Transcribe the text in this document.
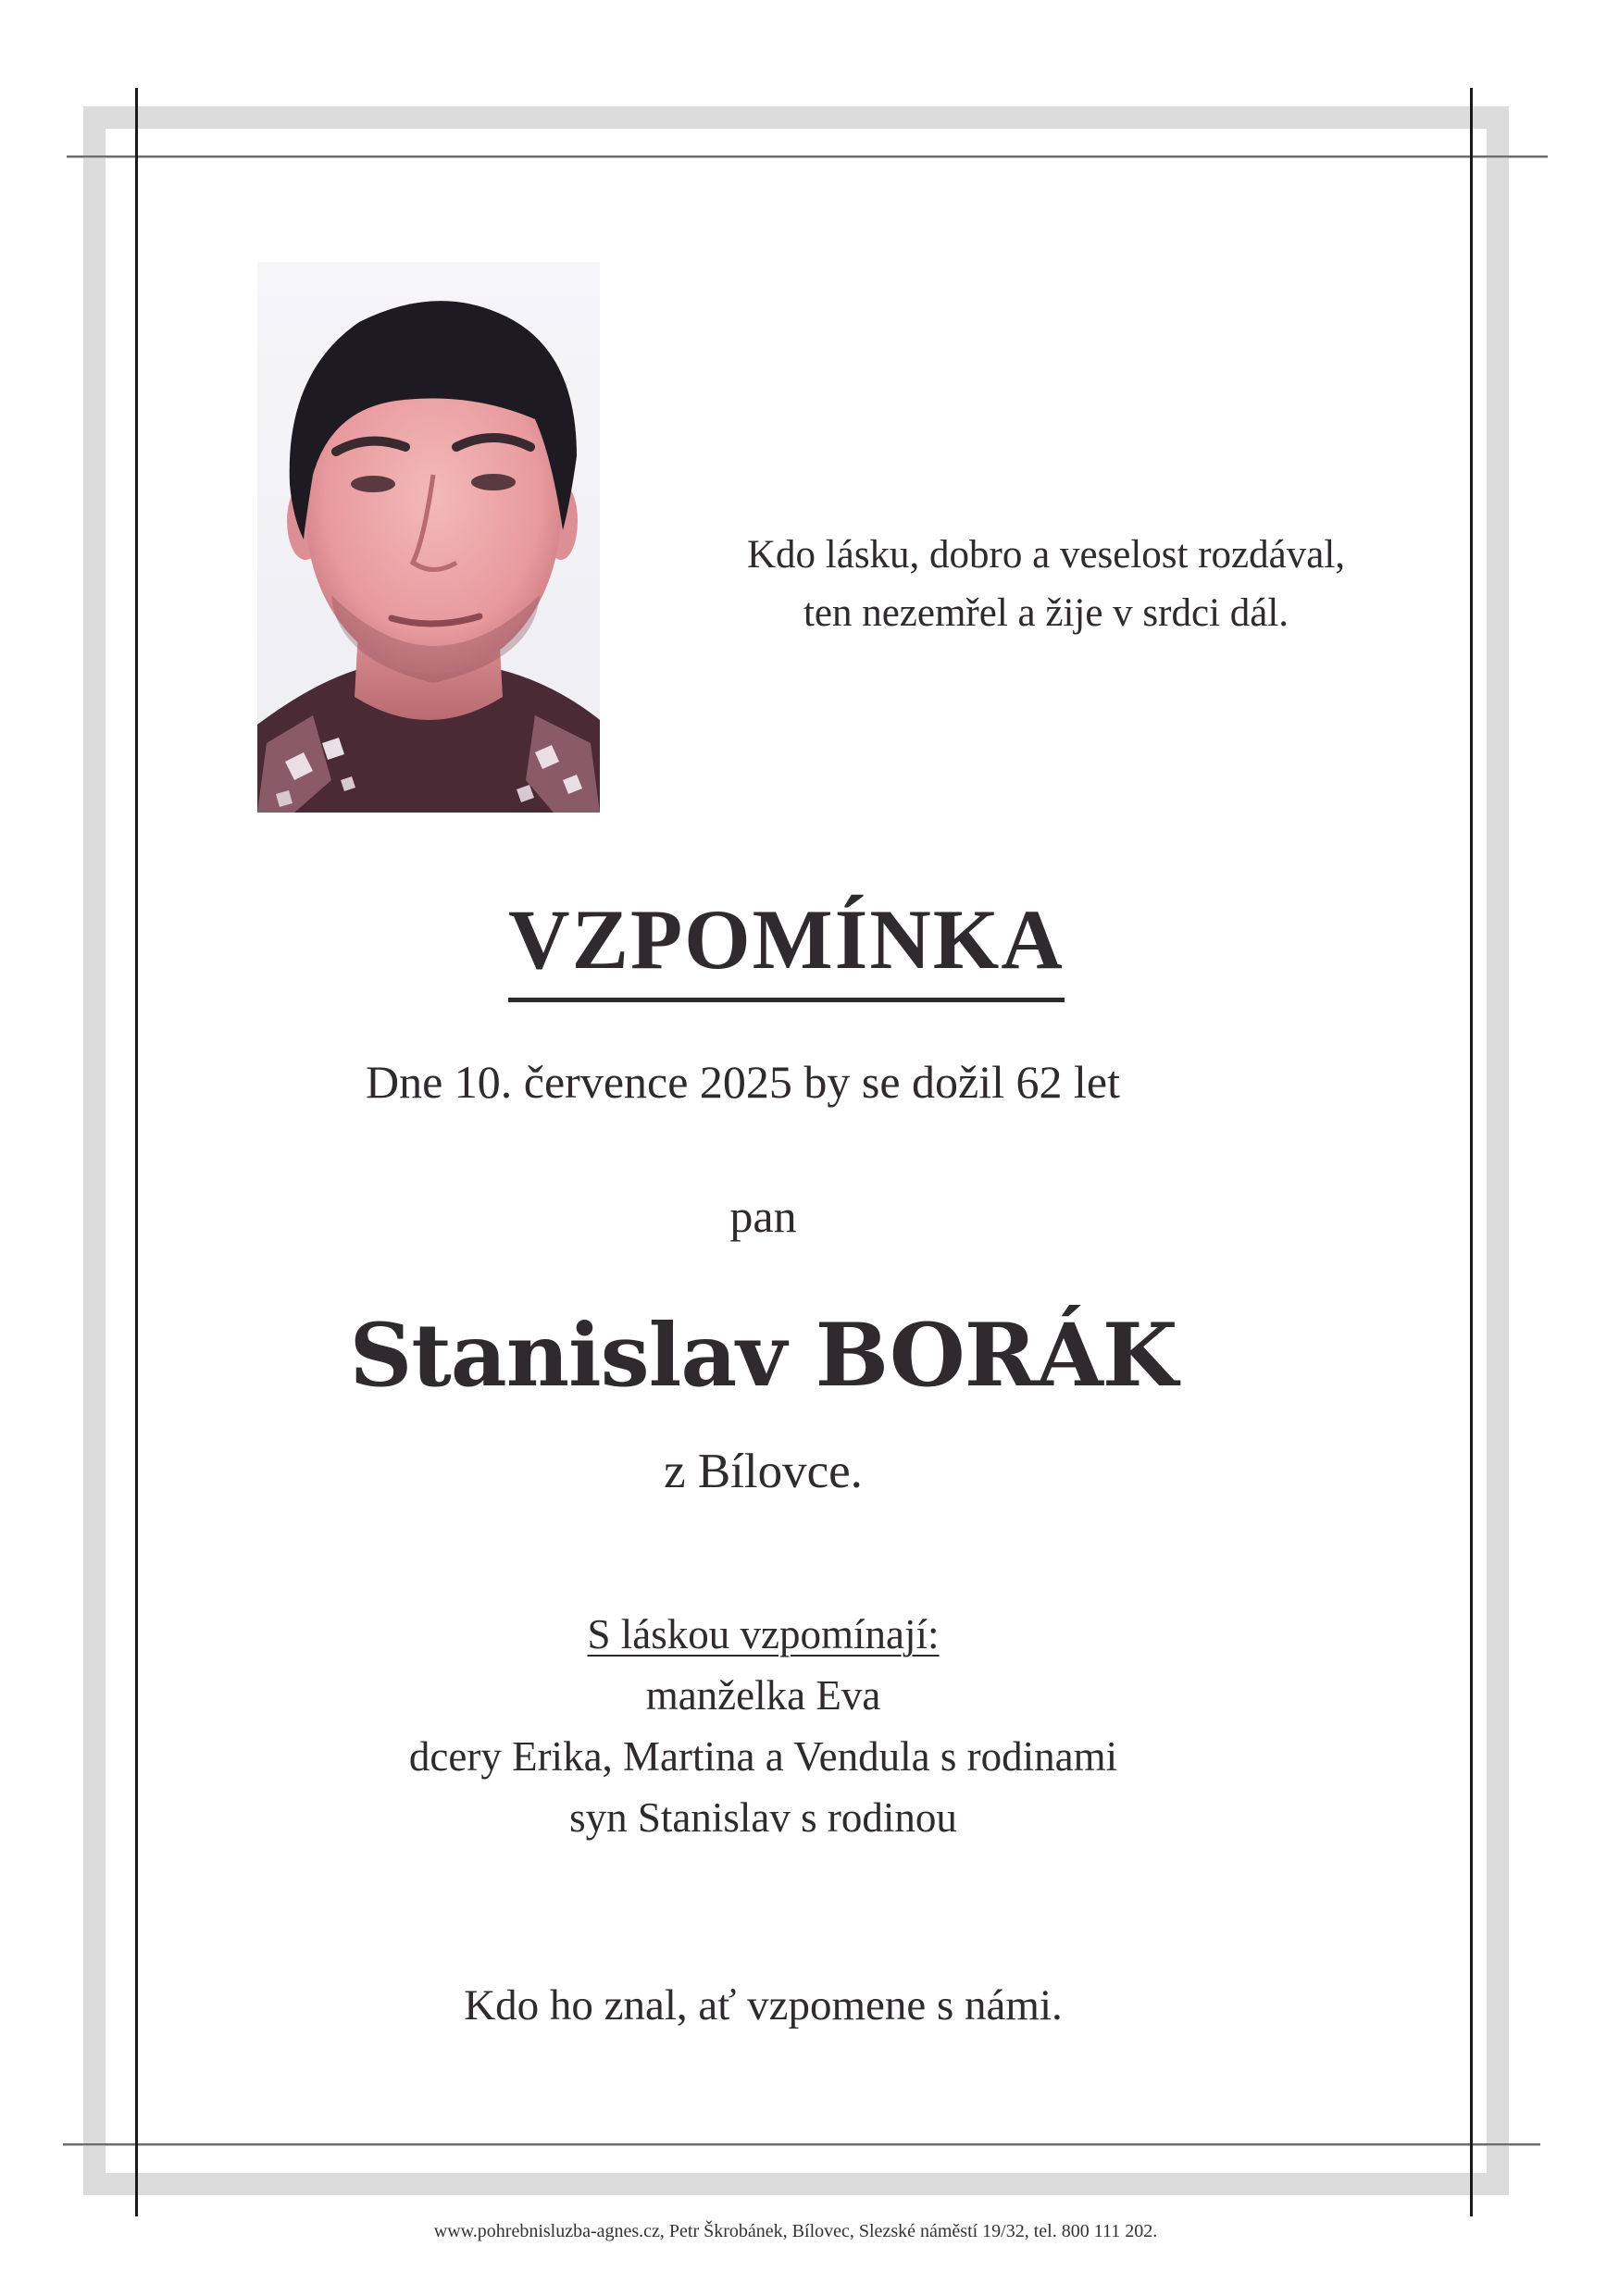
Kdo lásku, dobro a veselost rozdával,
ten nezemřel a žije v srdci dál.
VZPOMÍNKA
Dne 10. července 2025 by se dožil 62 let
pan
Stanislav BORÁK
z Bílovce.
S láskou vzpomínají:
manželka Eva
dcery Erika, Martina a Vendula s rodinami
syn Stanislav s rodinou
Kdo ho znal, ať vzpomene s námi.
www.pohrebnisluzba-agnes.cz, Petr Škrobánek, Bílovec, Slezské náměstí 19/32, tel. 800 111 202.
